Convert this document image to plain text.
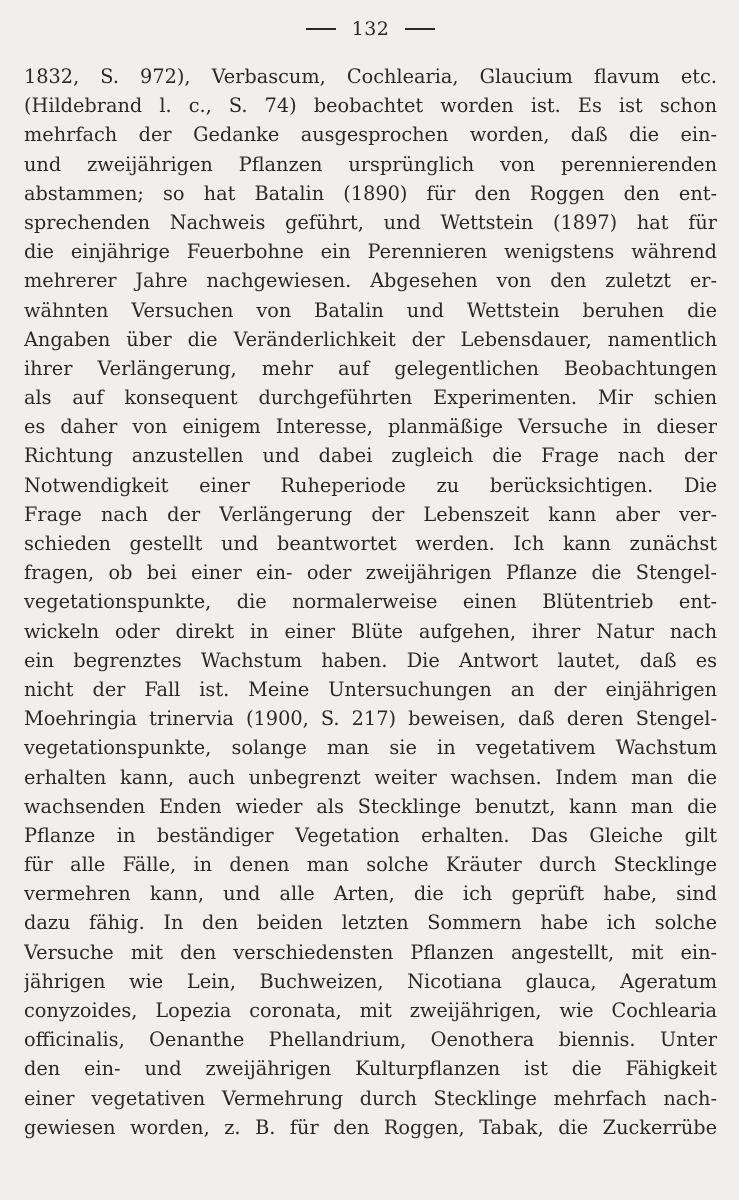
132
1832, S. 972), Verbascum, Cochlearia, Glaucium flavum etc.
(Hildebrand l. c., S. 74) beobachtet worden ist. Es ist schon
mehrfach der Gedanke ausgesprochen worden, daß die ein-
und zweijährigen Pflanzen ursprünglich von perennierenden
abstammen; so hat Batalin (1890) für den Roggen den ent-
sprechenden Nachweis geführt, und Wettstein (1897) hat für
die einjährige Feuerbohne ein Perennieren wenigstens während
mehrerer Jahre nachgewiesen. Abgesehen von den zuletzt er-
wähnten Versuchen von Batalin und Wettstein beruhen die
Angaben über die Veränderlichkeit der Lebensdauer, namentlich
ihrer Verlängerung, mehr auf gelegentlichen Beobachtungen
als auf konsequent durchgeführten Experimenten. Mir schien
es daher von einigem Interesse, planmäßige Versuche in dieser
Richtung anzustellen und dabei zugleich die Frage nach der
Notwendigkeit einer Ruheperiode zu berücksichtigen. Die
Frage nach der Verlängerung der Lebenszeit kann aber ver-
schieden gestellt und beantwortet werden. Ich kann zunächst
fragen, ob bei einer ein- oder zweijährigen Pflanze die Stengel-
vegetationspunkte, die normalerweise einen Blütentrieb ent-
wickeln oder direkt in einer Blüte aufgehen, ihrer Natur nach
ein begrenztes Wachstum haben. Die Antwort lautet, daß es
nicht der Fall ist. Meine Untersuchungen an der einjährigen
Moehringia trinervia (1900, S. 217) beweisen, daß deren Stengel-
vegetationspunkte, solange man sie in vegetativem Wachstum
erhalten kann, auch unbegrenzt weiter wachsen. Indem man die
wachsenden Enden wieder als Stecklinge benutzt, kann man die
Pflanze in beständiger Vegetation erhalten. Das Gleiche gilt
für alle Fälle, in denen man solche Kräuter durch Stecklinge
vermehren kann, und alle Arten, die ich geprüft habe, sind
dazu fähig. In den beiden letzten Sommern habe ich solche
Versuche mit den verschiedensten Pflanzen angestellt, mit ein-
jährigen wie Lein, Buchweizen, Nicotiana glauca, Ageratum
conyzoides, Lopezia coronata, mit zweijährigen, wie Cochlearia
officinalis, Oenanthe Phellandrium, Oenothera biennis. Unter
den ein- und zweijährigen Kulturpflanzen ist die Fähigkeit
einer vegetativen Vermehrung durch Stecklinge mehrfach nach-
gewiesen worden, z. B. für den Roggen, Tabak, die Zuckerrübe
